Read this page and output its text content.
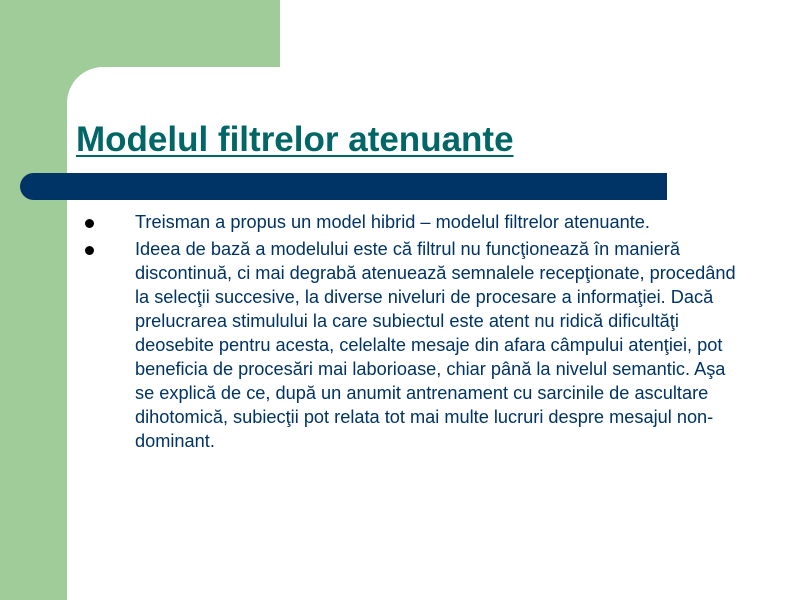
Modelul filtrelor atenuante
Treisman a propus un model hibrid – modelul filtrelor atenuante.
Ideea de bază a modelului este că filtrul nu funcţionează în manieră discontinuă, ci mai degrabă atenuează semnalele recepţionate, procedând la selecţii succesive, la diverse niveluri de procesare a informaţiei. Dacă prelucrarea stimulului la care subiectul este atent nu ridică dificultăţi deosebite pentru acesta, celelalte mesaje din afara câmpului atenţiei, pot beneficia de procesări mai laborioase, chiar până la nivelul semantic. Aşa se explică de ce, după un anumit antrenament cu sarcinile de ascultare dihotomică, subiecţii pot relata tot mai multe lucruri despre mesajul non-dominant.
